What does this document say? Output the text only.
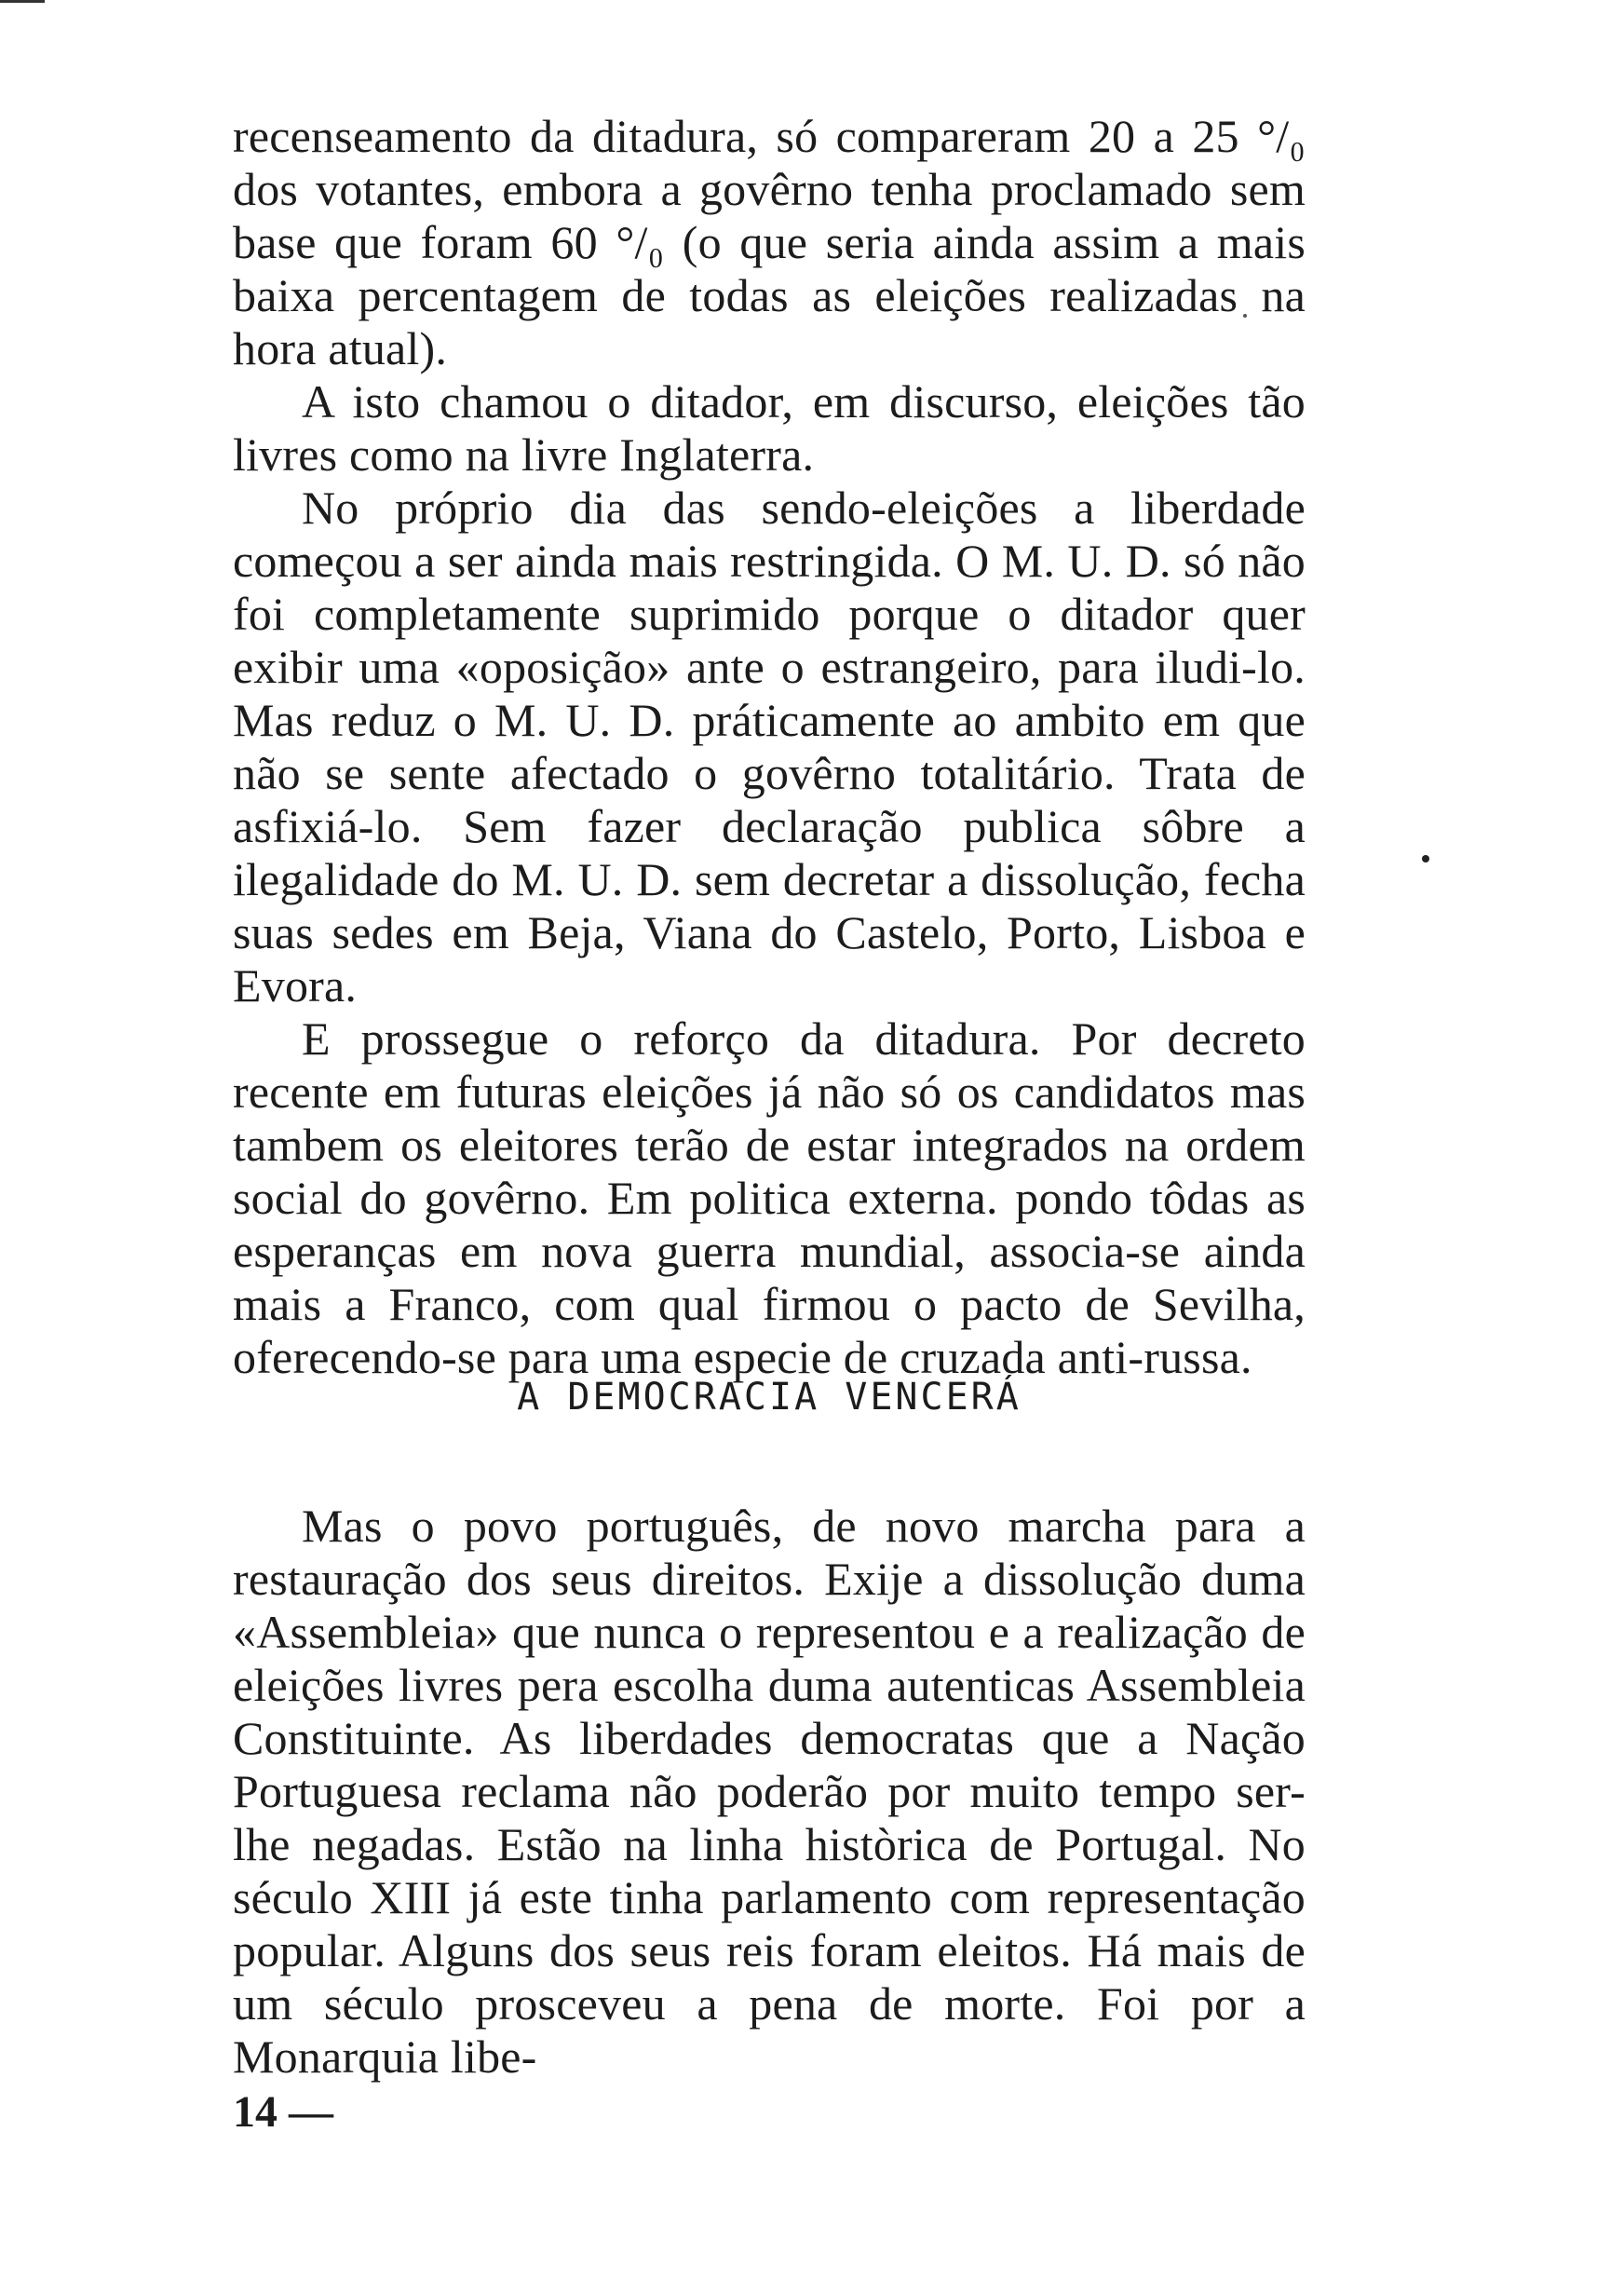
recenseamento da ditadura, só compareram 20 a 25 °/₀ dos votantes, embora a govêrno tenha proclamado sem base que foram 60 °/₀ (o que seria ainda assim a mais baixa percentagem de todas as eleições realizadas na hora atual).

A isto chamou o ditador, em discurso, eleições tão livres como na livre Inglaterra.

No próprio dia das sendo-eleições a liberdade começou a ser ainda mais restringida. O M. U. D. só não foi completamente suprimido porque o ditador quer exibir uma «oposição» ante o estrangeiro, para iludi-lo. Mas reduz o M. U. D. práticamente ao ambito em que não se sente afectado o govêrno totalitário. Trata de asfixiá-lo. Sem fazer declaração publica sôbre a ilegalidade do M. U. D. sem decretar a dissolução, fecha suas sedes em Beja, Viana do Castelo, Porto, Lisboa e Evora.

E prossegue o reforço da ditadura. Por decreto recente em futuras eleições já não só os candidatos mas tambem os eleitores terão de estar integrados na ordem social do govêrno. Em politica externa. pondo tôdas as esperanças em nova guerra mundial, associa-se ainda mais a Franco, com qual firmou o pacto de Sevilha, oferecendo-se para uma especie de cruzada anti-russa.

A DEMOCRACIA VENCERÁ

Mas o povo português, de novo marcha para a restauração dos seus direitos. Exije a dissolução duma «Assembleia» que nunca o representou e a realização de eleições livres pera escolha duma autenticas Assembleia Constituinte. As liberdades democratas que a Nação Portuguesa reclama não poderão por muito tempo ser-lhe negadas. Estão na linha històrica de Portugal. No século XIII já este tinha parlamento com representação popular. Alguns dos seus reis foram eleitos. Há mais de um século prosceveu a pena de morte. Foi por a Monarquia libe-

14 —
